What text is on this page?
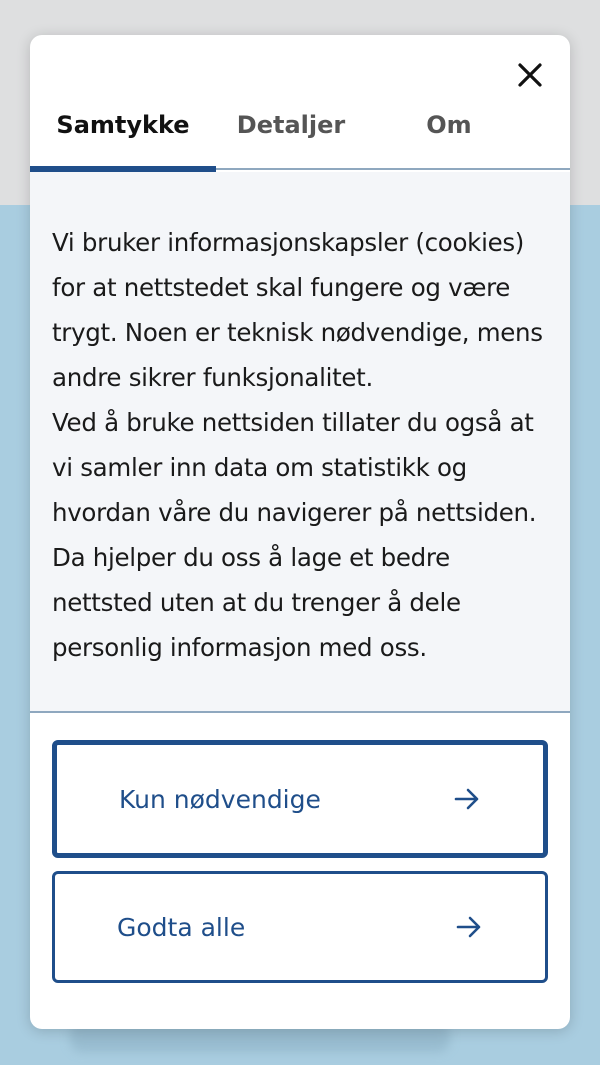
Samtykke Detaljer	Om

Vi bruker informasjonskapsler (cookies) for at nettstedet skal fungere og være trygt. Noen er teknisk nødvendige, mens andre sikrer funksjonalitet.

Ved å bruke nettsiden tillater du også at vi samler inn data om statistikk og hvordan våre du navigerer på nettsiden. Da hjelper du oss å lage et bedre nettsted uten at du trenger å dele personlig informasjon med oss.

Kun nødvendige
Godta alle
